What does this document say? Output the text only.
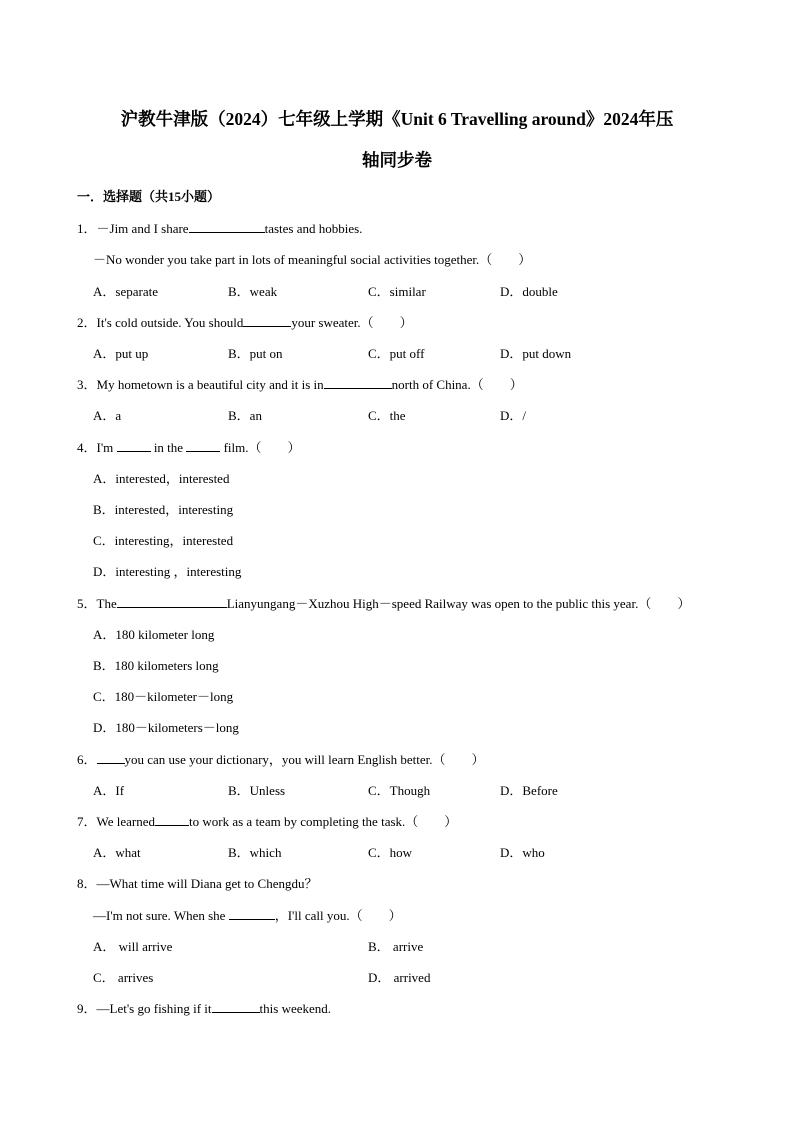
沪教牛津版（2024）七年级上学期《Unit 6 Travelling around》2024年压
轴同步卷
一．选择题（共15小题）
1．－Jim and I share	tastes and hobbies.
－No wonder you take part in lots of meaningful social activities together.（　　）
A．separate	B．weak	C．similar	D．double
2．It's cold outside. You should	your sweater.（　　）
A．put up	B．put on	C．put off	D．put down
3．My hometown is a beautiful city and it is in	north of China.（　　）
A．a	B．an	C．the	D．/
4．I'm	in the	film.（　　）
A．interested，interested
B．interested，interesting
C．interesting，interested
D．interesting ，interesting
5．The	Lianyungang－Xuzhou High－speed Railway was open to the public this year.（　　）
A．180 kilometer long
B．180 kilometers long
C．180－kilometer－long
D．180－kilometers－long
6． you can use your dictionary，you will learn English better.（　　）
A．If	B．Unless	C．Though	D．Before
7．We learned	to work as a team by completing the task.（　　）
A．what	B．which	C．how	D．who
8．—What time will Diana get to Chengdu？
—I'm not sure. When she	，I'll call you.（　　）
A． will arrive	B． arrive
C． arrives	D． arrived
9．—Let's go fishing if it	this weekend.
